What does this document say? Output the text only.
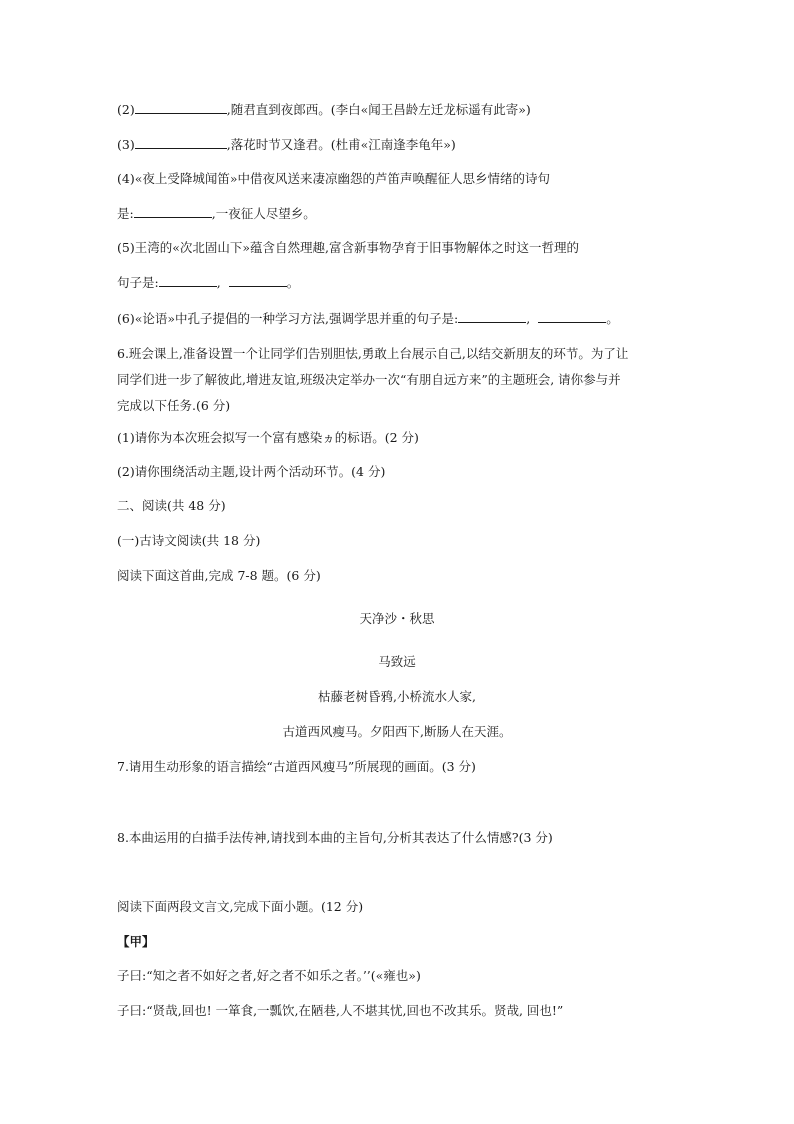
(2)	,随君直到夜郎西。(李白«闻王昌龄左迁龙标遥有此寄»)
(3)	,落花时节又逢君。(杜甫«江南逢李龟年»)
(4)«夜上受降城闻笛»中借夜风送来凄凉幽怨的芦笛声唤醒征人思乡情绪的诗句
是:	,一夜征人尽望乡。
(5)王湾的«次北固山下»蕴含自然理趣,富含新事物孕育于旧事物解体之时这一哲理的
句子是:	,	。
(6)«论语»中孔子提倡的一种学习方法,强调学思并重的句子是:	,	。
6.班会课上,准备设置一个让同学们告别胆怯,勇敢上台展示自己,以结交新朋友的环节。为了让
同学们进一步了解彼此,增进友谊,班级决定举办一次“有朋自远方来”的主题班会, 请你参与并
完成以下任务.(6 分)
(1)请你为本次班会拟写一个富有感染ヵ的标语。(2 分)
(2)请你围绕活动主题,设计两个活动环节。(4 分)
二、阅读(共 48 分)
(一)古诗文阅读(共 18 分)
阅读下面这首曲,完成 7-8 题。(6 分)
天净沙・秋思
马致远
枯藤老树昏鸦,小桥流水人家,
古道西风瘦马。夕阳西下,断肠人在天涯。
7.请用生动形象的语言描绘“古道西风瘦马”所展现的画面。(3 分)
8.本曲运用的白描手法传神,请找到本曲的主旨句,分析其表达了什么情感?(3 分)
阅读下面两段文言文,完成下面小题。(12 分)
【甲】
子曰:“知之者不如好之者,好之者不如乐之者。’’(«雍也»)
子曰:“贤哉,回也! 一箪食,一瓢饮,在陋巷,人不堪其忧,回也不改其乐。贤哉, 回也!”
